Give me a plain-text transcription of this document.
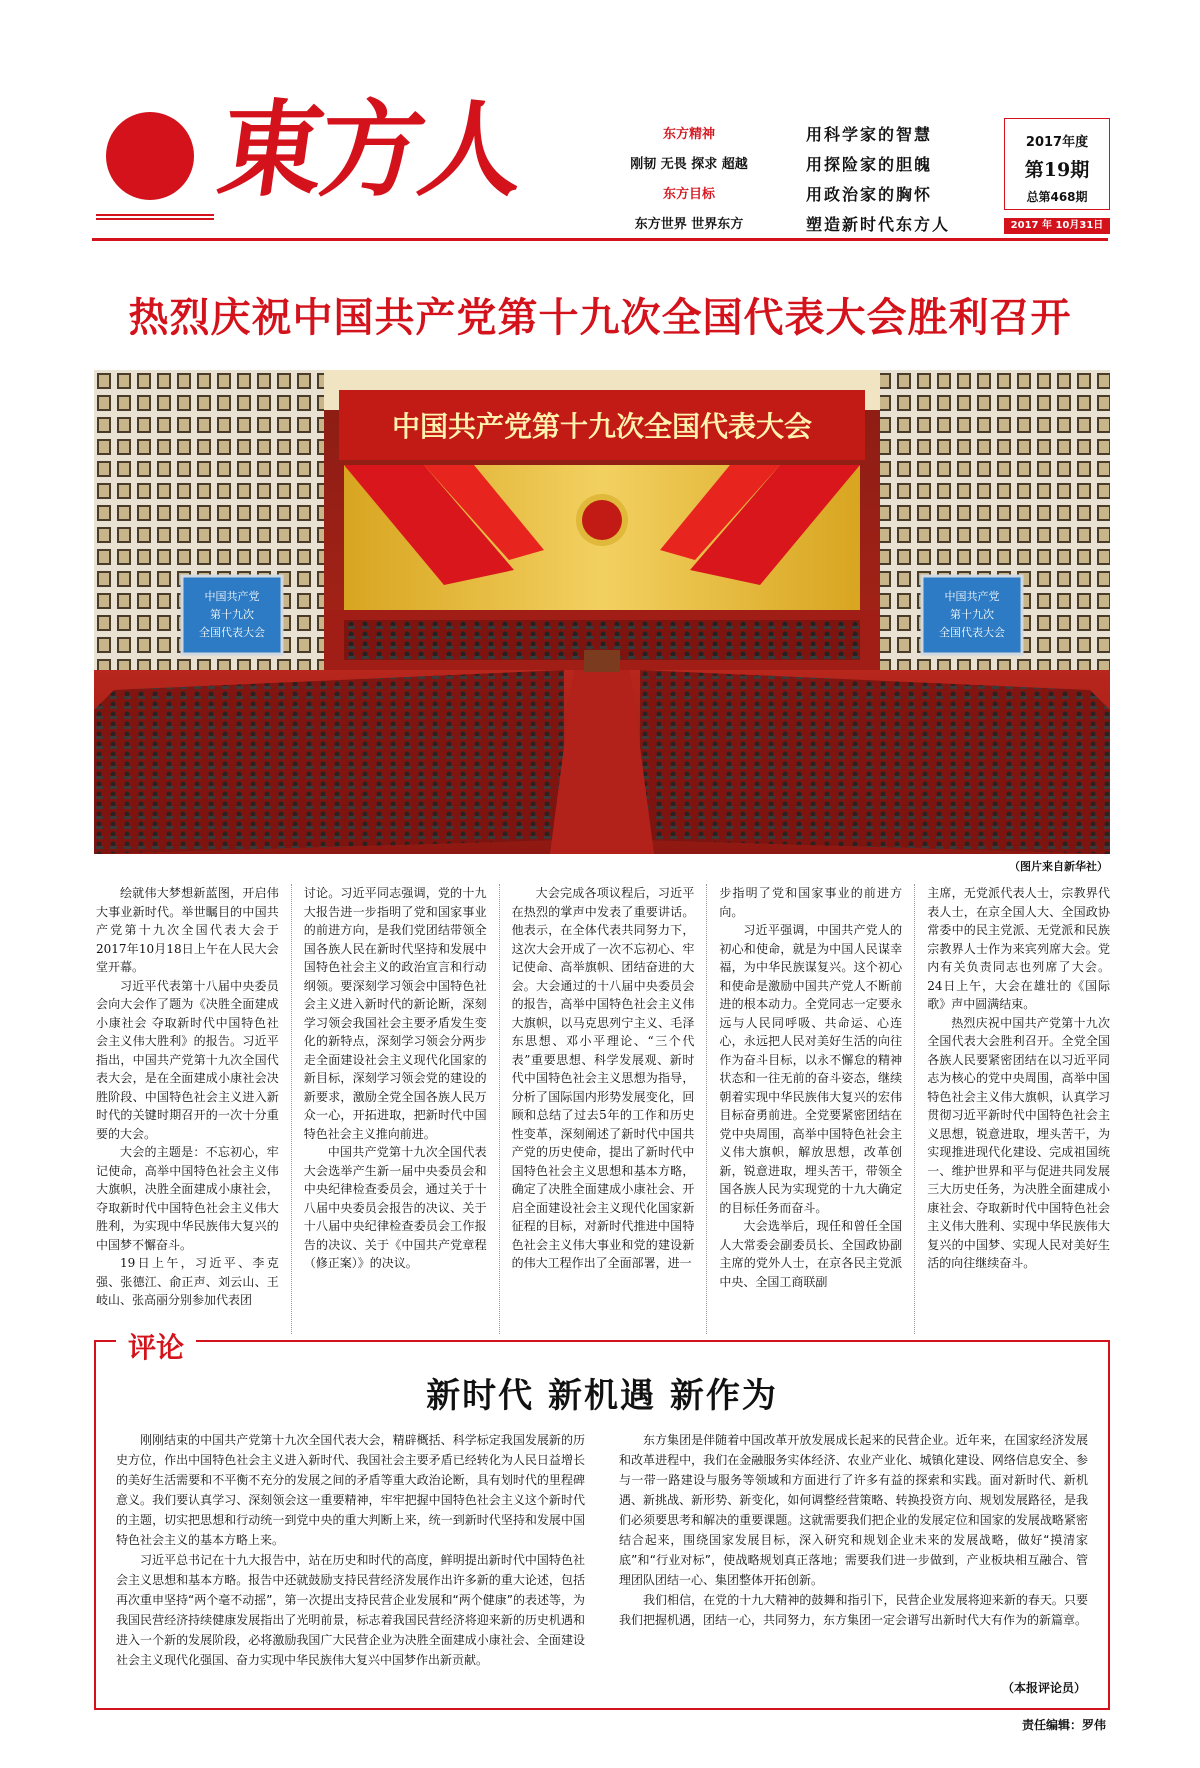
東方人	东方精神
刚韧 无畏 探求 超越
东方目标
东方世界 世界东方
用科学家的智慧
用探险家的胆魄
用政治家的胸怀
塑造新时代东方人
2017年度
第19期
总第468期
2017 年 10月31日
热烈庆祝中国共产党第十九次全国代表大会胜利召开
中国共产党第十九次全国代表大会
中国共产党
第十九次
全国代表大会
中国共产党
第十九次
全国代表大会
（图片来自新华社）

绘就伟大梦想新蓝图，开启伟大事业新时代。举世瞩目的中国共产党第十九次全国代表大会于2017年10月18日上午在人民大会堂开幕。

习近平代表第十八届中央委员会向大会作了题为《决胜全面建成小康社会 夺取新时代中国特色社会主义伟大胜利》的报告。习近平指出，中国共产党第十九次全国代表大会，是在全面建成小康社会决胜阶段、中国特色社会主义进入新时代的关键时期召开的一次十分重要的大会。

大会的主题是：不忘初心，牢记使命，高举中国特色社会主义伟大旗帜，决胜全面建成小康社会，夺取新时代中国特色社会主义伟大胜利，为实现中华民族伟大复兴的中国梦不懈奋斗。

19日上午，习近平、李克强、张德江、俞正声、刘云山、王岐山、张高丽分别参加代表团

讨论。习近平同志强调，党的十九大报告进一步指明了党和国家事业的前进方向，是我们党团结带领全国各族人民在新时代坚持和发展中国特色社会主义的政治宣言和行动纲领。要深刻学习领会中国特色社会主义进入新时代的新论断，深刻学习领会我国社会主要矛盾发生变化的新特点，深刻学习领会分两步走全面建设社会主义现代化国家的新目标，深刻学习领会党的建设的新要求，激励全党全国各族人民万众一心，开拓进取，把新时代中国特色社会主义推向前进。

中国共产党第十九次全国代表大会选举产生新一届中央委员会和中央纪律检查委员会，通过关于十八届中央委员会报告的决议、关于十八届中央纪律检查委员会工作报告的决议、关于《中国共产党章程（修正案）》的决议。

大会完成各项议程后，习近平在热烈的掌声中发表了重要讲话。他表示，在全体代表共同努力下，这次大会开成了一次不忘初心、牢记使命、高举旗帜、团结奋进的大会。大会通过的十八届中央委员会的报告，高举中国特色社会主义伟大旗帜，以马克思列宁主义、毛泽东思想、邓小平理论、“三个代表”重要思想、科学发展观、新时代中国特色社会主义思想为指导，分析了国际国内形势发展变化，回顾和总结了过去5年的工作和历史性变革，深刻阐述了新时代中国共产党的历史使命，提出了新时代中国特色社会主义思想和基本方略，确定了决胜全面建成小康社会、开启全面建设社会主义现代化国家新征程的目标，对新时代推进中国特色社会主义伟大事业和党的建设新的伟大工程作出了全面部署，进一

步指明了党和国家事业的前进方向。

习近平强调，中国共产党人的初心和使命，就是为中国人民谋幸福，为中华民族谋复兴。这个初心和使命是激励中国共产党人不断前进的根本动力。全党同志一定要永远与人民同呼吸、共命运、心连心，永远把人民对美好生活的向往作为奋斗目标，以永不懈怠的精神状态和一往无前的奋斗姿态，继续朝着实现中华民族伟大复兴的宏伟目标奋勇前进。全党要紧密团结在党中央周围，高举中国特色社会主义伟大旗帜，解放思想，改革创新，锐意进取，埋头苦干，带领全国各族人民为实现党的十九大确定的目标任务而奋斗。

大会选举后，现任和曾任全国人大常委会副委员长、全国政协副主席的党外人士，在京各民主党派中央、全国工商联副

主席，无党派代表人士，宗教界代表人士，在京全国人大、全国政协常委中的民主党派、无党派和民族宗教界人士作为来宾列席大会。党内有关负责同志也列席了大会。24日上午，大会在雄壮的《国际歌》声中圆满结束。

热烈庆祝中国共产党第十九次全国代表大会胜利召开。全党全国各族人民要紧密团结在以习近平同志为核心的党中央周围，高举中国特色社会主义伟大旗帜，认真学习贯彻习近平新时代中国特色社会主义思想，锐意进取，埋头苦干，为实现推进现代化建设、完成祖国统一、维护世界和平与促进共同发展三大历史任务，为决胜全面建成小康社会、夺取新时代中国特色社会主义伟大胜利、实现中华民族伟大复兴的中国梦、实现人民对美好生活的向往继续奋斗。

评论
新时代 新机遇 新作为

刚刚结束的中国共产党第十九次全国代表大会，精辟概括、科学标定我国发展新的历史方位，作出中国特色社会主义进入新时代、我国社会主要矛盾已经转化为人民日益增长的美好生活需要和不平衡不充分的发展之间的矛盾等重大政治论断，具有划时代的里程碑意义。我们要认真学习、深刻领会这一重要精神，牢牢把握中国特色社会主义这个新时代的主题，切实把思想和行动统一到党中央的重大判断上来，统一到新时代坚持和发展中国特色社会主义的基本方略上来。

习近平总书记在十九大报告中，站在历史和时代的高度，鲜明提出新时代中国特色社会主义思想和基本方略。报告中还就鼓励支持民营经济发展作出许多新的重大论述，包括再次重申坚持“两个毫不动摇”，第一次提出支持民营企业发展和“两个健康”的表述等，为我国民营经济持续健康发展指出了光明前景，标志着我国民营经济将迎来新的历史机遇和进入一个新的发展阶段，必将激励我国广大民营企业为决胜全面建成小康社会、全面建设社会主义现代化强国、奋力实现中华民族伟大复兴中国梦作出新贡献。

东方集团是伴随着中国改革开放发展成长起来的民营企业。近年来，在国家经济发展和改革进程中，我们在金融服务实体经济、农业产业化、城镇化建设、网络信息安全、参与一带一路建设与服务等领域和方面进行了许多有益的探索和实践。面对新时代、新机遇、新挑战、新形势、新变化，如何调整经营策略、转换投资方向、规划发展路径，是我们必须要思考和解决的重要课题。这就需要我们把企业的发展定位和国家的发展战略紧密结合起来，围绕国家发展目标，深入研究和规划企业未来的发展战略，做好“摸清家底”和“行业对标”，使战略规划真正落地；需要我们进一步做到，产业板块相互融合、管理团队团结一心、集团整体开拓创新。

我们相信，在党的十九大精神的鼓舞和指引下，民营企业发展将迎来新的春天。只要我们把握机遇，团结一心，共同努力，东方集团一定会谱写出新时代大有作为的新篇章。

（本报评论员）
责任编辑：罗伟
